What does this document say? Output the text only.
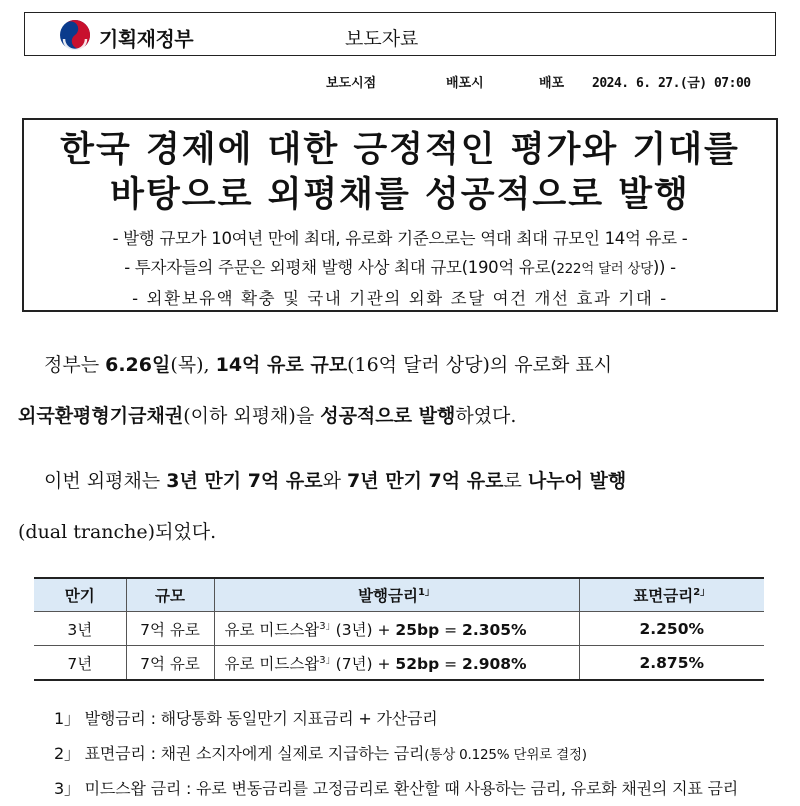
기획재정부	보도자료
보도시점	배포시	배포 2024. 6. 27.(금) 07:00
한국 경제에 대한 긍정적인 평가와 기대를
바탕으로 외평채를 성공적으로 발행
- 발행 규모가 10여년 만에 최대, 유로화 기준으로는 역대 최대 규모인 14억 유로 -
- 투자자들의 주문은 외평채 발행 사상 최대 규모(190억 유로(222억 달러 상당)) -
- 외환보유액 확충 및 국내 기관의 외화 조달 여건 개선 효과 기대 -
정부는 6.26일(목), 14억 유로 규모(16억 달러 상당)의 유로화 표시
외국환평형기금채권(이하 외평채)을 성공적으로 발행하였다.
이번 외평채는 3년 만기 7억 유로와 7년 만기 7억 유로로 나누어 발행
(dual tranche)되었다.
만기	규모	발행금리$^{1」}$	표면금리$^{2」}$
3년	7억 유로	유로 미드스왑$^{3」}$(3년) + 25bp = 2.305%	2.250%
7년	7억 유로	유로 미드스왑$^{3」}$(7년) + 52bp = 2.908%	2.875%
1」 발행금리 : 해당통화 동일만기 지표금리 + 가산금리
2」 표면금리 : 채권 소지자에게 실제로 지급하는 금리(통상 0.125% 단위로 결정)
3」 미드스왑 금리 : 유로 변동금리를 고정금리로 환산할 때 사용하는 금리, 유로화 채권의 지표 금리
